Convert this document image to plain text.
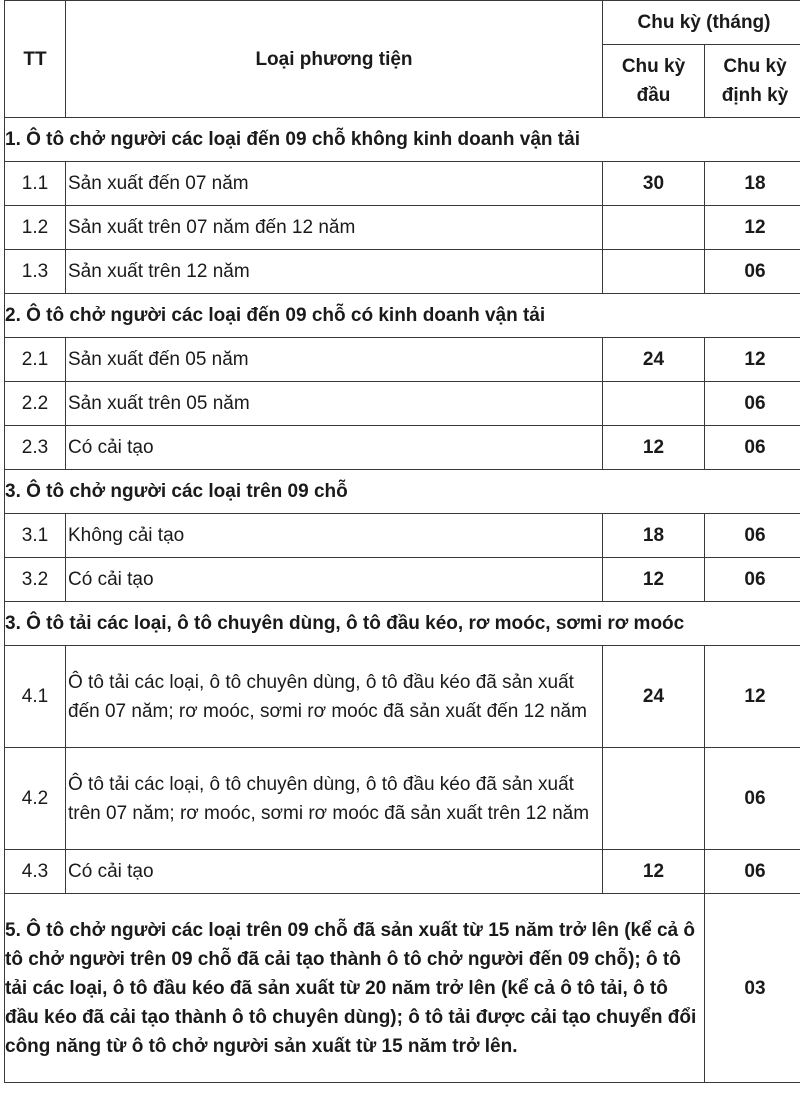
TT	Loại phương tiện	Chu kỳ (tháng)	
		Chu kỳ đầu	Chu kỳ định kỳ
1. Ô tô chở người các loại đến 09 chỗ không kinh doanh vận tải			
1.1	Sản xuất đến 07 năm	30	18
1.2	Sản xuất trên 07 năm đến 12 năm		12
1.3	Sản xuất trên 12 năm		06
2. Ô tô chở người các loại đến 09 chỗ có kinh doanh vận tải			
2.1	Sản xuất đến 05 năm	24	12
2.2	Sản xuất trên 05 năm		06
2.3	Có cải tạo	12	06
3. Ô tô chở người các loại trên 09 chỗ			
3.1	Không cải tạo	18	06
3.2	Có cải tạo	12	06
3. Ô tô tải các loại, ô tô chuyên dùng, ô tô đầu kéo, rơ moóc, sơmi rơ moóc			
4.1	Ô tô tải các loại, ô tô chuyên dùng, ô tô đầu kéo đã sản xuất đến 07 năm; rơ moóc, sơmi rơ moóc đã sản xuất đến 12 năm	24	12
4.2	Ô tô tải các loại, ô tô chuyên dùng, ô tô đầu kéo đã sản xuất trên 07 năm; rơ moóc, sơmi rơ moóc đã sản xuất trên 12 năm		06
4.3	Có cải tạo	12	06
5. Ô tô chở người các loại trên 09 chỗ đã sản xuất từ 15 năm trở lên (kể cả ô tô chở người trên 09 chỗ đã cải tạo thành ô tô chở người đến 09 chỗ); ô tô tải các loại, ô tô đầu kéo đã sản xuất từ 20 năm trở lên (kể cả ô tô tải, ô tô đầu kéo đã cải tạo thành ô tô chuyên dùng); ô tô tải được cải tạo chuyển đổi công năng từ ô tô chở người sản xuất từ 15 năm trở lên.			03
